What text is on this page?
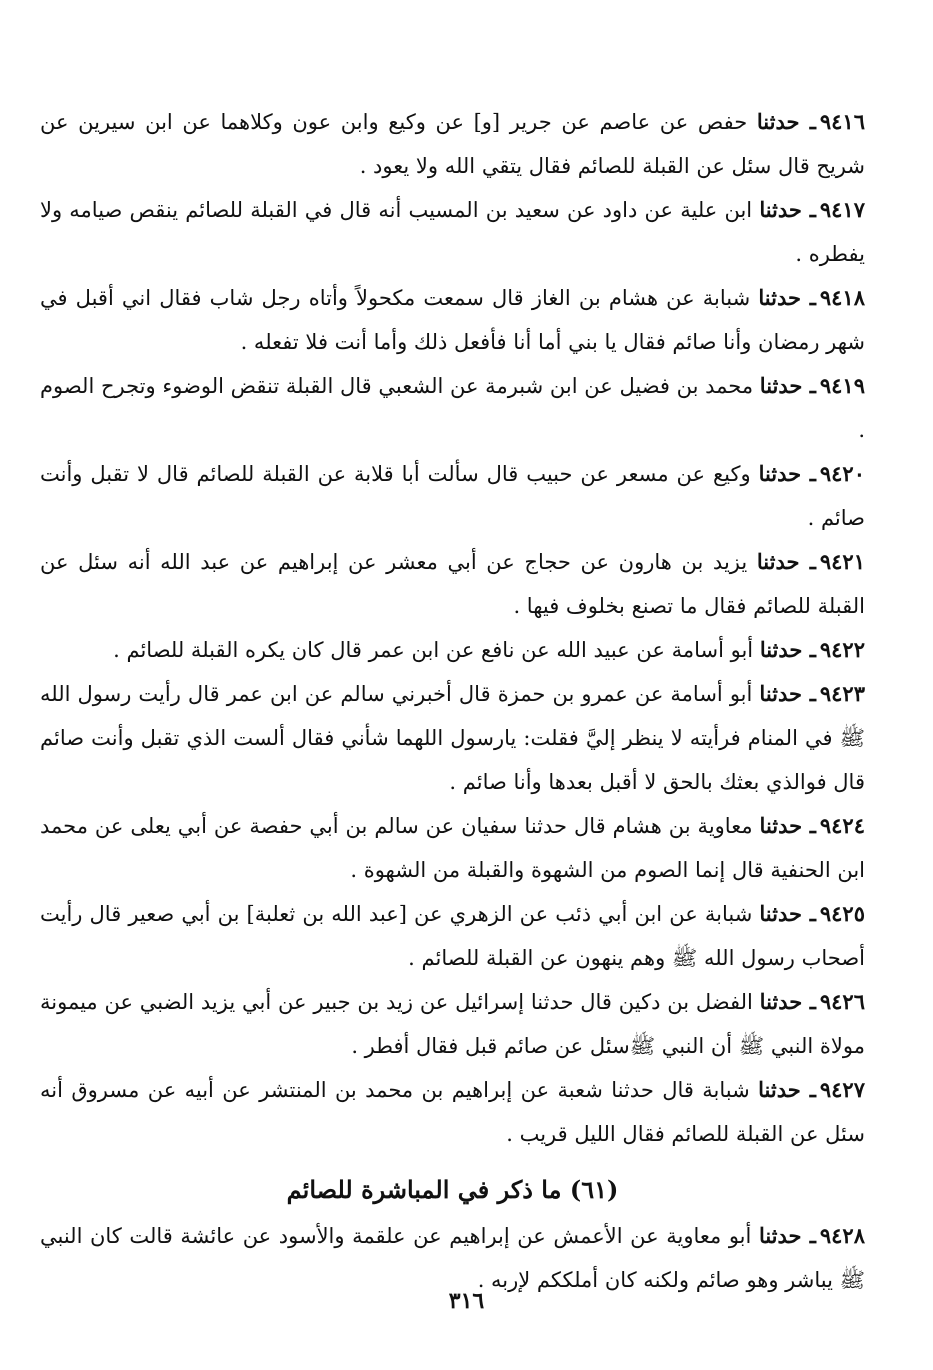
٩٤١٦ـ حدثنا حفص عن عاصم عن جرير [و] عن وكيع وابن عون وكلاهما عن ابن سيرين عن شريح قال سئل عن القبلة للصائم فقال يتقي الله ولا يعود .

٩٤١٧ـ حدثنا ابن علية عن داود عن سعيد بن المسيب أنه قال في القبلة للصائم ينقص صيامه ولا يفطره .

٩٤١٨ـ حدثنا شبابة عن هشام بن الغاز قال سمعت مكحولاً وأتاه رجل شاب فقال اني أقبل في شهر رمضان وأنا صائم فقال يا بني أما أنا فأفعل ذلك وأما أنت فلا تفعله .

٩٤١٩ـ حدثنا محمد بن فضيل عن ابن شبرمة عن الشعبي قال القبلة تنقض الوضوء وتجرح الصوم .

٩٤٢٠ـ حدثنا وكيع عن مسعر عن حبيب قال سألت أبا قلابة عن القبلة للصائم قال لا تقبل وأنت صائم .

٩٤٢١ـ حدثنا يزيد بن هارون عن حجاج عن أبي معشر عن إبراهيم عن عبد الله أنه سئل عن القبلة للصائم فقال ما تصنع بخلوف فيها .

٩٤٢٢ـ حدثنا أبو أسامة عن عبيد الله عن نافع عن ابن عمر قال كان يكره القبلة للصائم .

٩٤٢٣ـ حدثنا أبو أسامة عن عمرو بن حمزة قال أخبرني سالم عن ابن عمر قال رأيت رسول الله ﷺ في المنام فرأيته لا ينظر إليَّ فقلت: يارسول اللهما شأني فقال ألست الذي تقبل وأنت صائم قال فوالذي بعثك بالحق لا أقبل بعدها وأنا صائم .

٩٤٢٤ـ حدثنا معاوية بن هشام قال حدثنا سفيان عن سالم بن أبي حفصة عن أبي يعلى عن محمد ابن الحنفية قال إنما الصوم من الشهوة والقبلة من الشهوة .

٩٤٢٥ـ حدثنا شبابة عن ابن أبي ذئب عن الزهري عن [عبد الله بن ثعلبة] بن أبي صعير قال رأيت أصحاب رسول الله ﷺ وهم ينهون عن القبلة للصائم .

٩٤٢٦ـ حدثنا الفضل بن دكين قال حدثنا إسرائيل عن زيد بن جبير عن أبي يزيد الضبي عن ميمونة مولاة النبي ﷺ أن النبي ﷺسئل عن صائم قبل فقال أفطر .

٩٤٢٧ـ حدثنا شبابة قال حدثنا شعبة عن إبراهيم بن محمد بن المنتشر عن أبيه عن مسروق أنه سئل عن القبلة للصائم فقال الليل قريب .

(٦١) ما ذكر في المباشرة للصائم

٩٤٢٨ـ حدثنا أبو معاوية عن الأعمش عن إبراهيم عن علقمة والأسود عن عائشة قالت كان النبي ﷺ يباشر وهو صائم ولكنه كان أملككم لإربه .

٣١٦
